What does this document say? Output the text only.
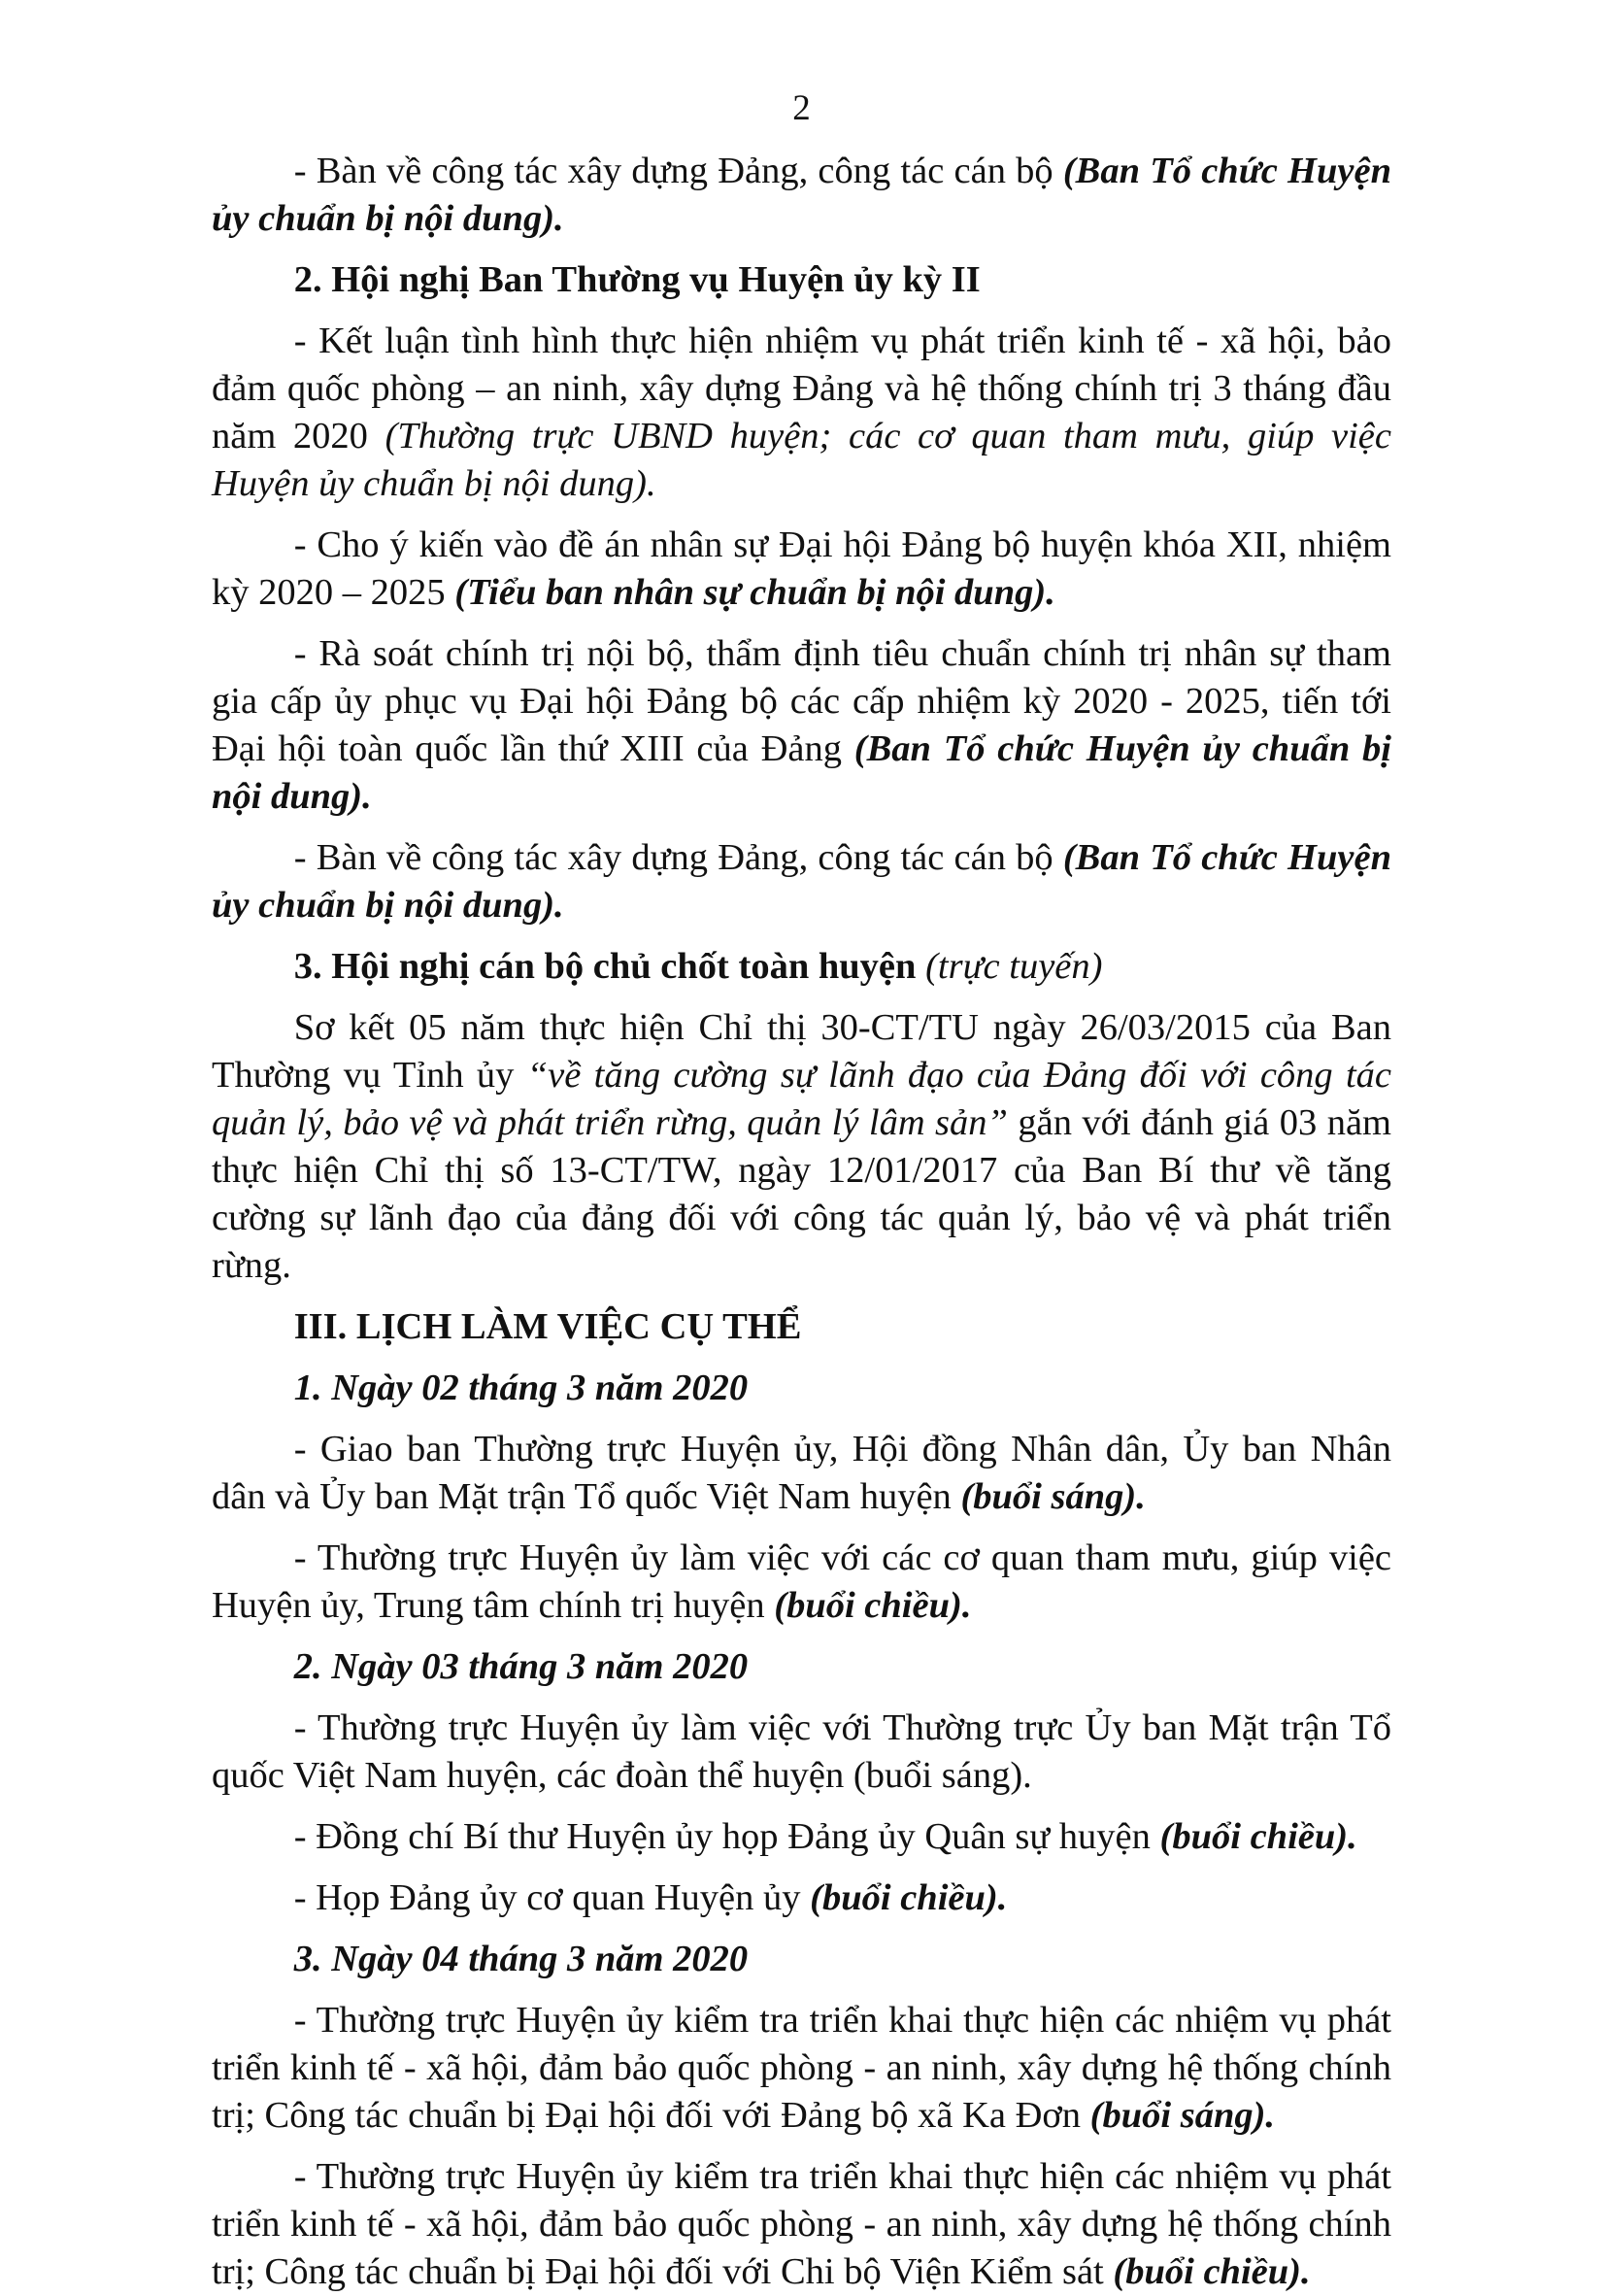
2
- Bàn về công tác xây dựng Đảng, công tác cán bộ (Ban Tổ chức Huyện ủy chuẩn bị nội dung).
2. Hội nghị Ban Thường vụ Huyện ủy kỳ II
- Kết luận tình hình thực hiện nhiệm vụ phát triển kinh tế - xã hội, bảo đảm quốc phòng – an ninh, xây dựng Đảng và hệ thống chính trị 3 tháng đầu năm 2020 (Thường trực UBND huyện; các cơ quan tham mưu, giúp việc Huyện ủy chuẩn bị nội dung).
- Cho ý kiến vào đề án nhân sự Đại hội Đảng bộ huyện khóa XII, nhiệm kỳ 2020 – 2025 (Tiểu ban nhân sự chuẩn bị nội dung).
- Rà soát chính trị nội bộ, thẩm định tiêu chuẩn chính trị nhân sự tham gia cấp ủy phục vụ Đại hội Đảng bộ các cấp nhiệm kỳ 2020 - 2025, tiến tới Đại hội toàn quốc lần thứ XIII của Đảng (Ban Tổ chức Huyện ủy chuẩn bị nội dung).
- Bàn về công tác xây dựng Đảng, công tác cán bộ (Ban Tổ chức Huyện ủy chuẩn bị nội dung).
3. Hội nghị cán bộ chủ chốt toàn huyện (trực tuyến)
Sơ kết 05 năm thực hiện Chỉ thị 30-CT/TU ngày 26/03/2015 của Ban Thường vụ Tỉnh ủy “về tăng cường sự lãnh đạo của Đảng đối với công tác quản lý, bảo vệ và phát triển rừng, quản lý lâm sản” gắn với đánh giá 03 năm thực hiện Chỉ thị số 13-CT/TW, ngày 12/01/2017 của Ban Bí thư về tăng cường sự lãnh đạo của đảng đối với công tác quản lý, bảo vệ và phát triển rừng.
III. LỊCH LÀM VIỆC CỤ THỂ
1. Ngày 02 tháng 3 năm 2020
- Giao ban Thường trực Huyện ủy, Hội đồng Nhân dân, Ủy ban Nhân dân và Ủy ban Mặt trận Tổ quốc Việt Nam huyện (buổi sáng).
- Thường trực Huyện ủy làm việc với các cơ quan tham mưu, giúp việc Huyện ủy, Trung tâm chính trị huyện (buổi chiều).
2. Ngày 03 tháng 3 năm 2020
- Thường trực Huyện ủy làm việc với Thường trực Ủy ban Mặt trận Tổ quốc Việt Nam huyện, các đoàn thể huyện (buổi sáng).
- Đồng chí Bí thư Huyện ủy họp Đảng ủy Quân sự huyện (buổi chiều).
- Họp Đảng ủy cơ quan Huyện ủy (buổi chiều).
3. Ngày 04 tháng 3 năm 2020
- Thường trực Huyện ủy kiểm tra triển khai thực hiện các nhiệm vụ phát triển kinh tế - xã hội, đảm bảo quốc phòng - an ninh, xây dựng hệ thống chính trị; Công tác chuẩn bị Đại hội đối với Đảng bộ xã Ka Đơn (buổi sáng).
- Thường trực Huyện ủy kiểm tra triển khai thực hiện các nhiệm vụ phát triển kinh tế - xã hội, đảm bảo quốc phòng - an ninh, xây dựng hệ thống chính trị; Công tác chuẩn bị Đại hội đối với Chi bộ Viện Kiểm sát (buổi chiều).
